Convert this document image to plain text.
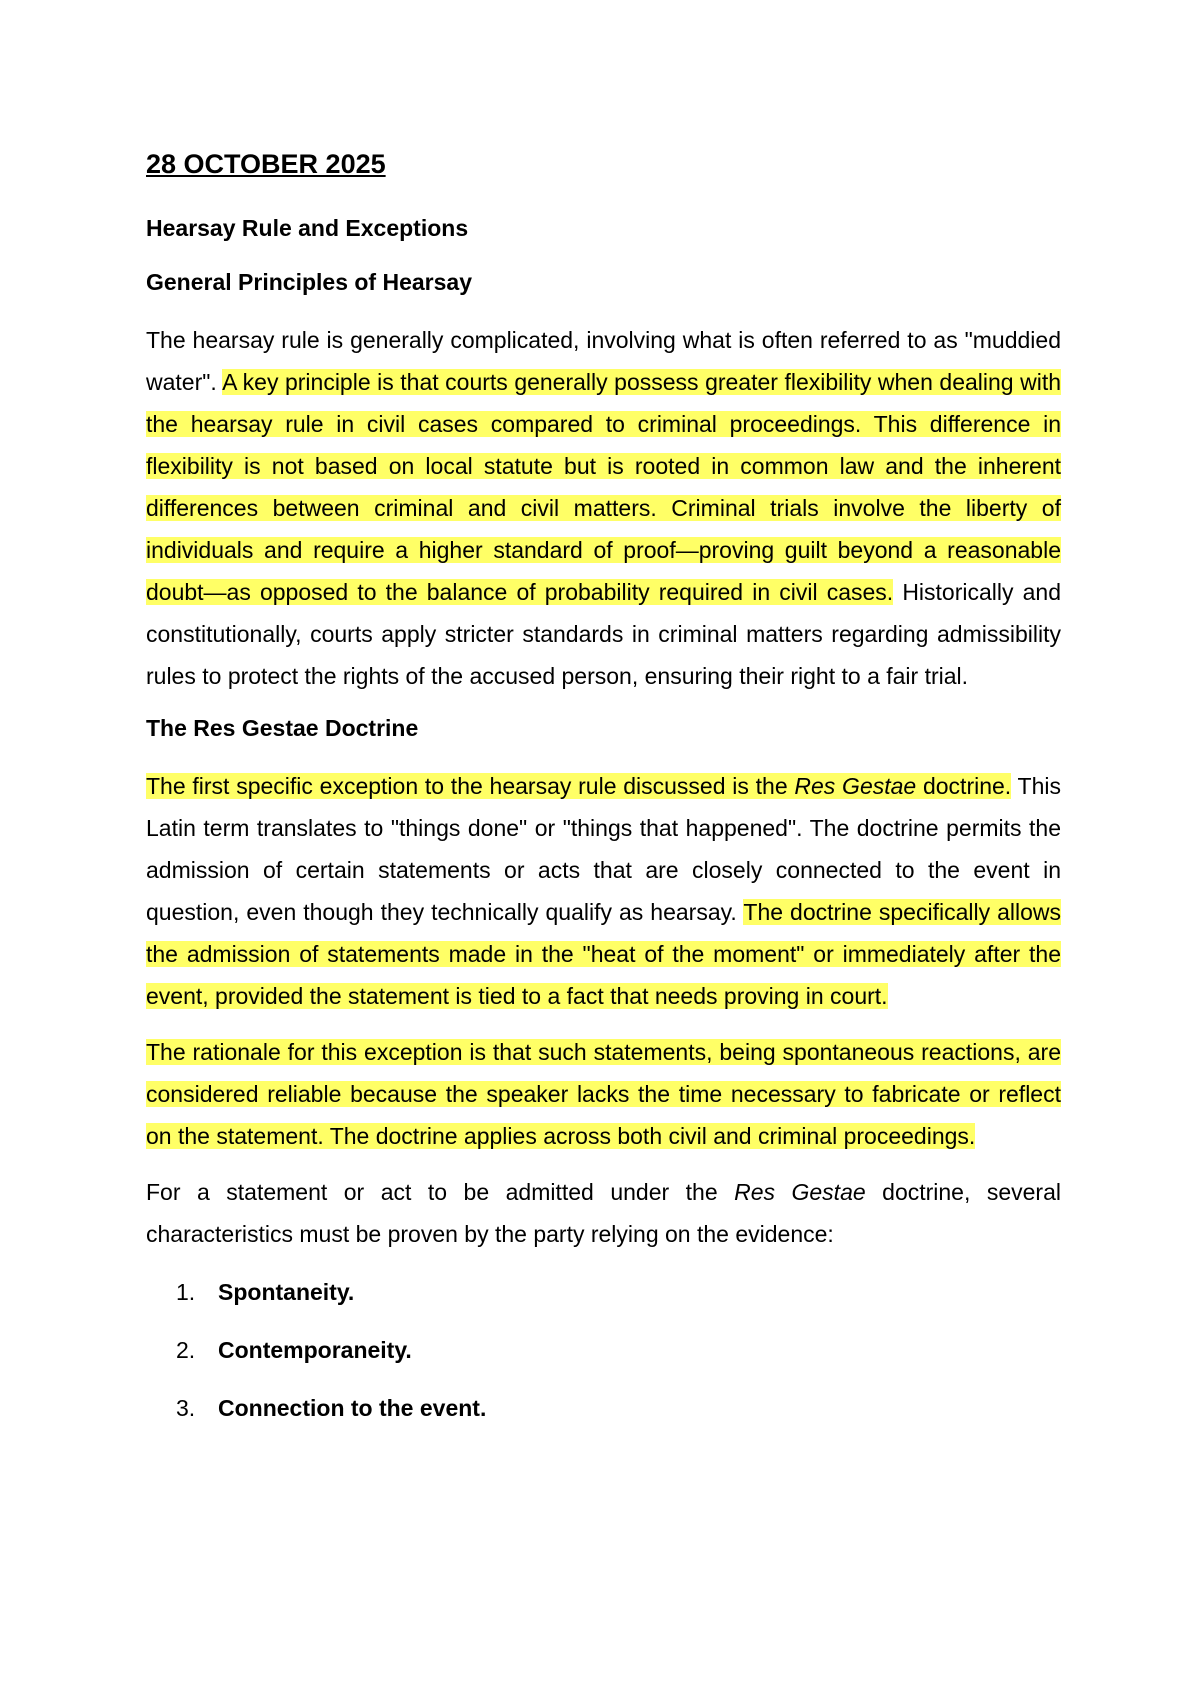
28 OCTOBER 2025
Hearsay Rule and Exceptions
General Principles of Hearsay

The hearsay rule is generally complicated, involving what is often referred to as "muddied water". A key principle is that courts generally possess greater flexibility when dealing with the hearsay rule in civil cases compared to criminal proceedings. This difference in flexibility is not based on local statute but is rooted in common law and the inherent differences between criminal and civil matters. Criminal trials involve the liberty of individuals and require a higher standard of proof—proving guilt beyond a reasonable doubt—as opposed to the balance of probability required in civil cases. Historically and constitutionally, courts apply stricter standards in criminal matters regarding admissibility rules to protect the rights of the accused person, ensuring their right to a fair trial.

The Res Gestae Doctrine

The first specific exception to the hearsay rule discussed is the Res Gestae doctrine. This Latin term translates to "things done" or "things that happened". The doctrine permits the admission of certain statements or acts that are closely connected to the event in question, even though they technically qualify as hearsay. The doctrine specifically allows the admission of statements made in the "heat of the moment" or immediately after the event, provided the statement is tied to a fact that needs proving in court.

The rationale for this exception is that such statements, being spontaneous reactions, are considered reliable because the speaker lacks the time necessary to fabricate or reflect on the statement. The doctrine applies across both civil and criminal proceedings.

For a statement or act to be admitted under the Res Gestae doctrine, several characteristics must be proven by the party relying on the evidence:

1. Spontaneity.
2. Contemporaneity.
3. Connection to the event.
